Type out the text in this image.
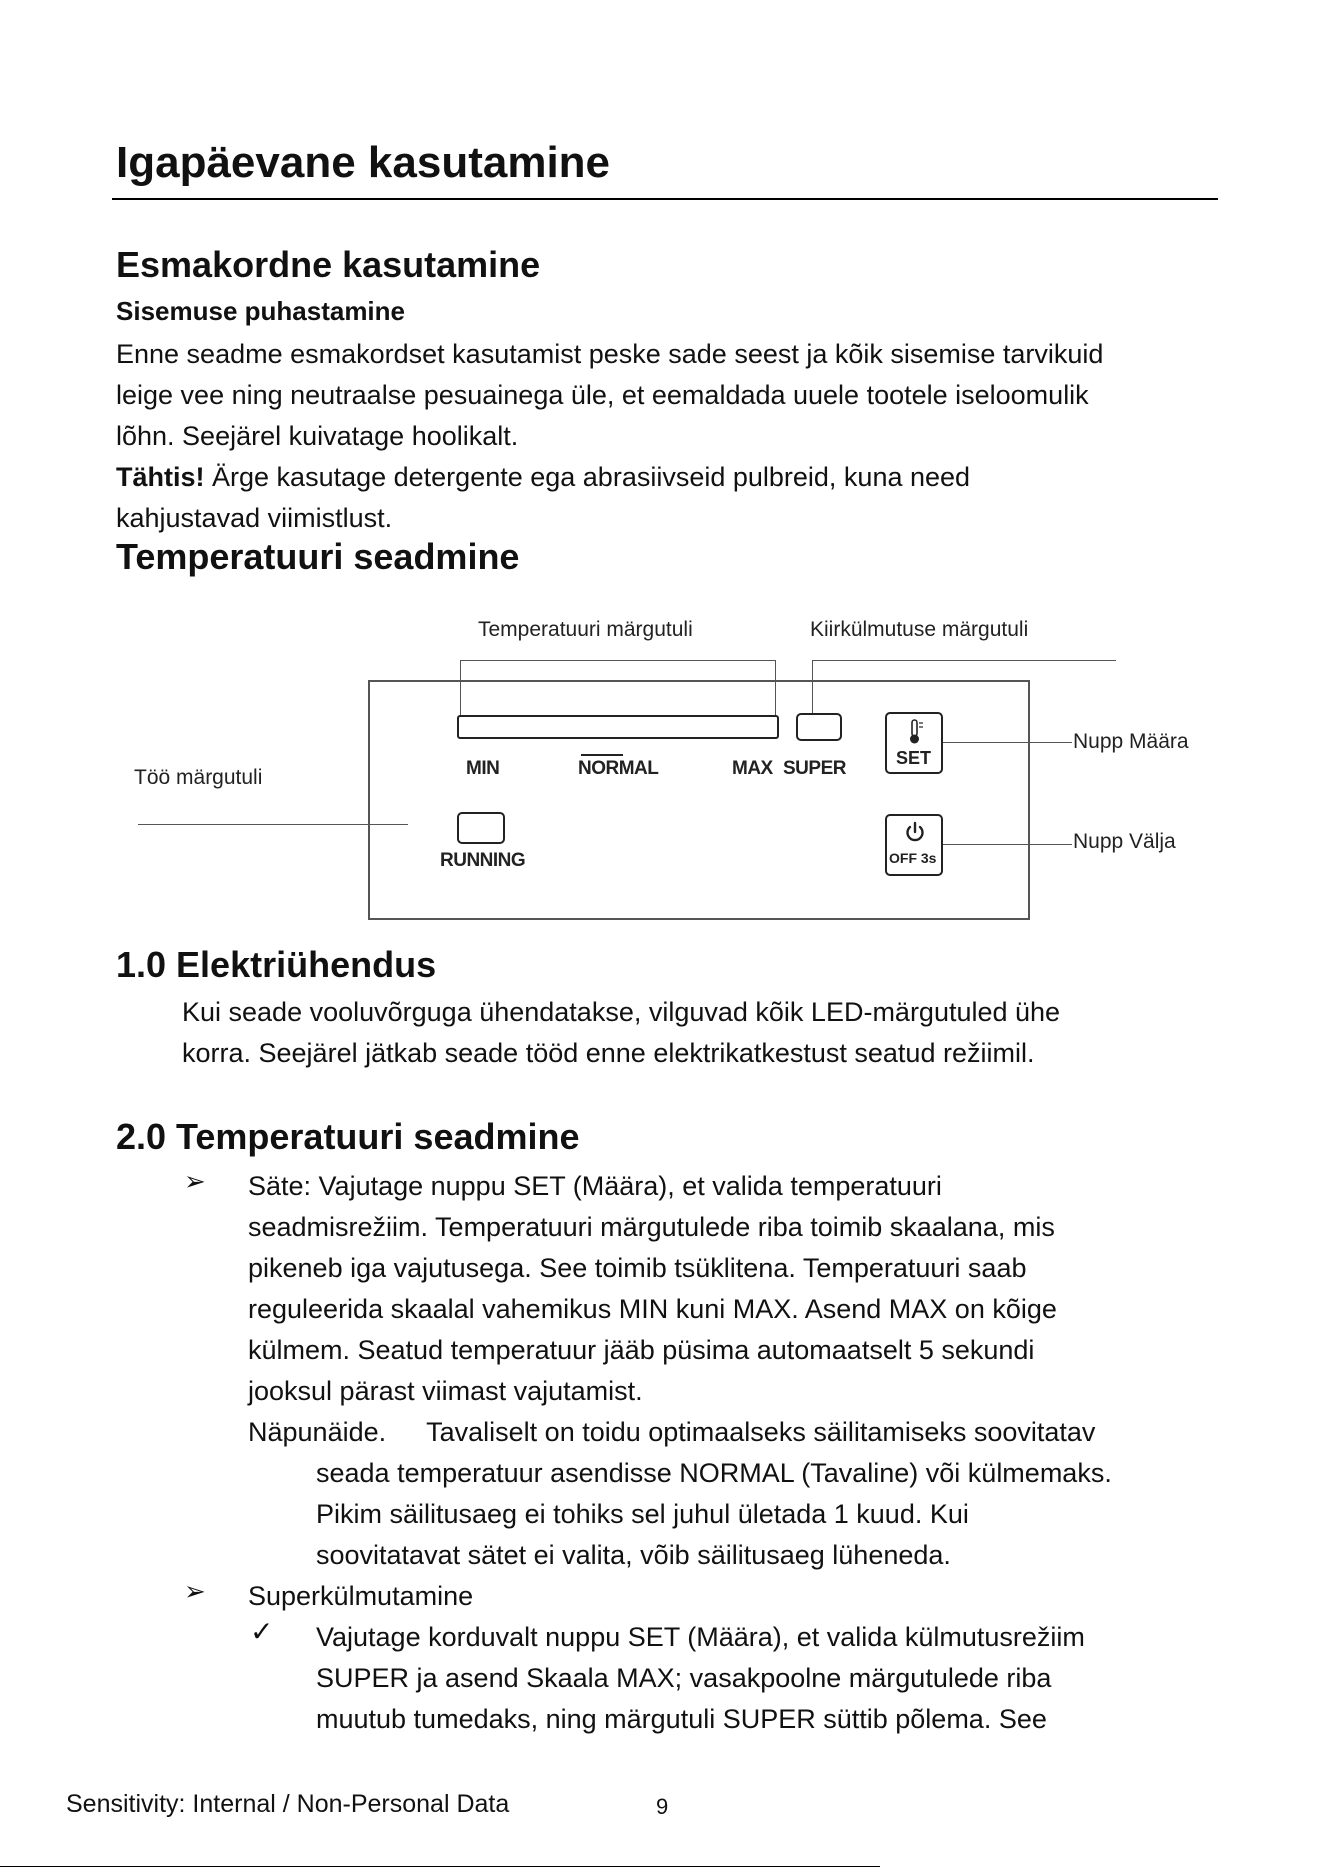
Igapäevane kasutamine
Esmakordne kasutamine
Sisemuse puhastamine

Enne seadme esmakordset kasutamist peske sade seest ja kõik sisemise tarvikuid
leige vee ning neutraalse pesuainega üle, et eemaldada uuele tootele iseloomulik
lõhn. Seejärel kuivatage hoolikalt.
Tähtis! Ärge kasutage detergente ega abrasiivseid pulbreid, kuna need
kahjustavad viimistlust.

Temperatuuri seadmine
Temperatuuri märgutuli	Kiirkülmutuse märgutuli
Töö märgutuli
Nupp Määra
Nupp Välja
MIN	NORMAL	MAX SUPER
RUNNING
SET
OFF 3s
1.0 Elektriühendus

Kui seade vooluvõrguga ühendatakse, vilguvad kõik LED-märgutuled ühe
korra. Seejärel jätkab seade tööd enne elektrikatkestust seatud režiimil.

2.0 Temperatuuri seadmine
➢ Säte: Vajutage nuppu SET (Määra), et valida temperatuuri
seadmisrežiim. Temperatuuri märgutulede riba toimib skaalana, mis
pikeneb iga vajutusega. See toimib tsüklitena. Temperatuuri saab
reguleerida skaalal vahemikus MIN kuni MAX. Asend MAX on kõige
külmem. Seatud temperatuur jääb püsima automaatselt 5 sekundi
jooksul pärast viimast vajutamist.
Näpunäide. Tavaliselt on toidu optimaalseks säilitamiseks soovitatav

seada temperatuur asendisse NORMAL (Tavaline) või külmemaks.
Pikim säilitusaeg ei tohiks sel juhul ületada 1 kuud. Kui
soovitatavat sätet ei valita, võib säilitusaeg lüheneda.

➢ Superkülmutamine

✓ Vajutage korduvalt nuppu SET (Määra), et valida külmutusrežiim
SUPER ja asend Skaala MAX; vasakpoolne märgutulede riba
muutub tumedaks, ning märgutuli SUPER süttib põlema. See

Sensitivity: Internal / Non-Personal Data	9
